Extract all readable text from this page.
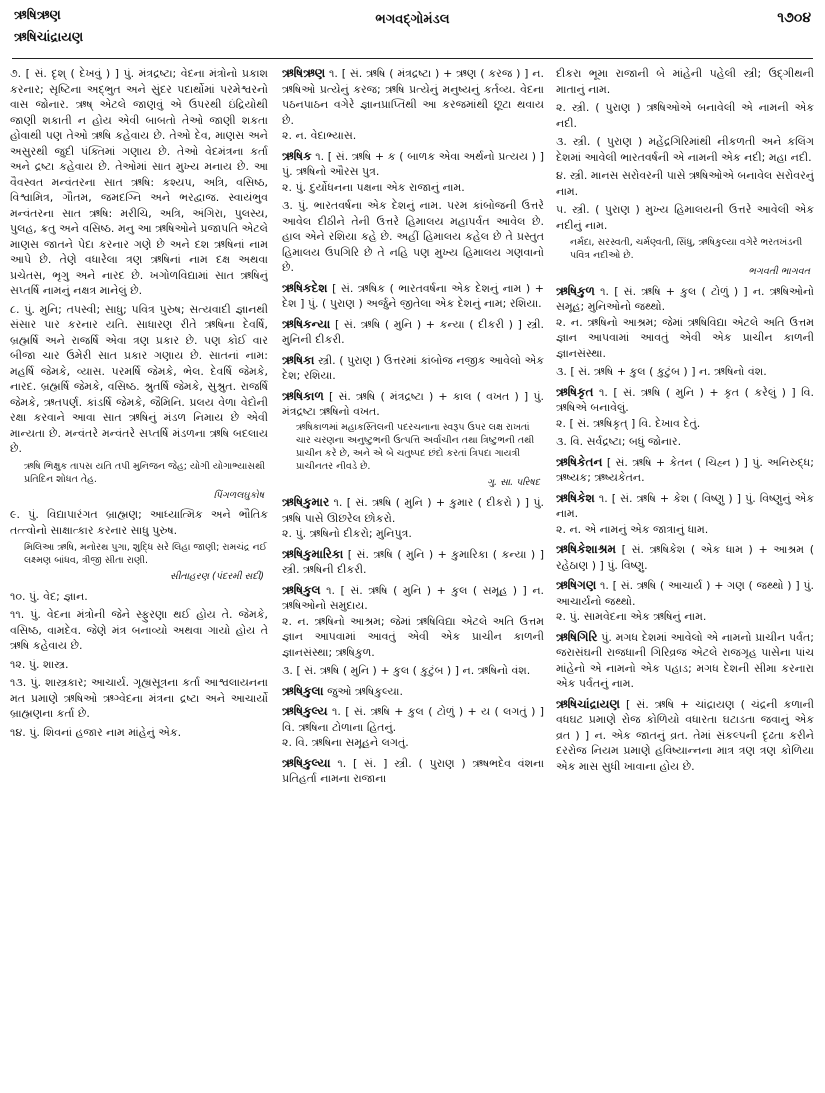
ઋષિઋણ
ઋષિચાંદ્રાયણ
ભગવદ્ગોમંડલ	૧૭૦૪

૭. [ સં. દૃશ્ ( દેખવું ) ] પું. મંત્રદ્રષ્ટા; વેદના મંત્રોનો પ્રકાશ કરનાર; સૃષ્ટિના અદ્ભુત અને સુંદર પદાર્થોમાં પરમેશ્વરનો વાસ જોનાર. ઋષ્ એટલે જાણવું એ ઉપરથી ઇંદ્રિયોથી જાણી શકાતી ન હોય એવી બાબતો તેઓ જાણી શકતા હોવાથી પણ તેઓ ઋષિ કહેવાય છે. તેઓ દેવ, માણસ અને અસુરથી જુદી પંક્તિમાં ગણાય છે. તેઓ વેદમંત્રના કર્તા અને દ્રષ્ટા કહેવાય છે. તેઓમાં સાત મુખ્ય મનાય છે. આ વૈવસ્વત મન્વંતરના સાત ઋષિ: કશ્યપ, અત્રિ, વસિષ્ઠ, વિશ્વામિત્ર, ગૌતમ, જમદગ્નિ અને ભરદ્વાજ. સ્વાયંભુવ મન્વંતરના સાત ઋષિ: મરીચિ, અત્રિ, અંગિરા, પુલસ્ય, પુલહ, ક્રતુ અને વસિષ્ઠ. મનુ આ ઋષિઓને પ્રજાપતિ એટલે માણસ જાતને પેદા કરનાર ગણે છે અને દશ ઋષિનાં નામ આપે છે. તેણે વધારેલા ત્રણ ઋષિનાં નામ દક્ષ અથવા પ્રચેતસ, ભૃગુ અને નારદ છે. ખગોળવિદ્યામાં સાત ઋષિનું સપ્તર્ષિ નામનું નક્ષત્ર માનેલું છે.

૮. પું. મુનિ; તપસ્વી; સાધુ; પવિત્ર પુરુષ; સત્યવાદી જ્ઞાનથી સંસાર પાર કરનાર યતિ. સાધારણ રીતે ઋષિના દેવર્ષિ, બ્રહ્મર્ષિ અને રાજર્ષિ એવા ત્રણ પ્રકાર છે. પણ કોઈ વાર બીજા ચાર ઉમેરી સાત પ્રકાર ગણાય છે. સાતનાં નામ: મહર્ષિ જેમકે, વ્યાસ. પરમર્ષિ જેમકે, ભેલ. દેવર્ષિ જેમકે, નારદ. બ્રહ્મર્ષિ જેમકે, વસિષ્ઠ. શ્રુતર્ષિ જેમકે, સુશ્રુત. રાજર્ષિ જેમકે, ઋતપર્ણ. કાંડર્ષિ જેમકે, જૈમિનિ. પ્રલય વેળા વેદોની રક્ષા કરવાને આવા સાત ઋષિનું મંડળ નિમાય છે એવી માન્યતા છે. મન્વંતરે મન્વંતરે સપ્તર્ષિ મંડળના ઋષિ બદલાય છે.

ઋષિ ભિક્ષુક તાપસ યતિ તપી મુનિજન જેહ; યોગી યોગાભ્યાસથી પ્રતિદિન શોધત તેહ.
પિંગળલઘુકોષ

૯. પું. વિદ્યાપારંગત બ્રાહ્મણ; આધ્યાત્મિક અને ભૌતિક તત્ત્વોનો સાક્ષાત્કાર કરનાર સાધુ પુરુષ.

મિલિઆ ઋષિ, મનોરથ પુગા, શુદ્ધિ સરે લિહા જાણી; રામચંદ્ર નઈ લક્ષ્મણ બાંધવ, ત્રીજી સીતા રાણી.
સીતાહરણ (પંદરમી સદી)

૧૦. પું. વેદ; જ્ઞાન.

૧૧. પું. વેદના મંત્રોની જેને સ્ફુરણા થઈ હોય તે. જેમકે, વસિષ્ઠ, વામદેવ. જેણે મંત્ર બનાવ્યો અથવા ગાયો હોય તે ઋષિ કહેવાય છે.

૧૨. પું. શાસ્ત્ર.

૧૩. પું. શાસ્ત્રકાર; આચાર્ય. ગૃહ્યસૂત્રના કર્તા આશ્વલાયનના મત પ્રમાણે ઋષિઓ ઋગ્વેદના મંત્રના દ્રષ્ટા અને આચાર્યો બ્રાહ્મણના કર્તા છે.

૧૪. પું. શિવનાં હજાર નામ માંહેનું એક.

ઋષિઋણ ૧. [ સં. ઋષિ ( મંત્રદ્રષ્ટા ) + ઋણ ( કરજ ) ] ન. ઋષિઓ પ્રત્યેનું કરજ; ઋષિ પ્રત્યેનું મનુષ્યનું કર્તવ્ય. વેદના પઠનપાઠન વગેરે જ્ઞાનપ્રાપ્તિથી આ કરજમાંથી છૂટા થવાય છે.

૨. ન. વેદાભ્યાસ.

ઋષિક ૧. [ સં. ઋષિ + ક ( બાળક એવા અર્થનો પ્રત્યય ) ] પું. ઋષિનો ઔરસ પુત્ર.

૨. પું. દુર્યોધનના પક્ષના એક રાજાનું નામ.

૩. પું. ભારતવર્ષના એક દેશનું નામ. પરમ કાંબોજની ઉત્તરે આવેલ દીઠીને તેની ઉત્તરે હિમાલય મહાપર્વત આવેલ છે. હાલ એને રશિયા કહે છે. અહીં હિમાલય કહેલ છે તે પ્રસ્તુત હિમાલય ઉપગિરિ છે તે નહિ પણ મુખ્ય હિમાલય ગણવાનો છે.

ઋષિકદેશ [ સં. ઋષિક ( ભારતવર્ષના એક દેશનું નામ ) + દેશ ] પું. ( પુરાણ ) અર્જુને જીતેલા એક દેશનું નામ; રશિયા.
ઋષિકન્યા [ સં. ઋષિ ( મુનિ ) + કન્યા ( દીકરી ) ] સ્ત્રી. મુનિની દીકરી.
ઋષિકા સ્ત્રી. ( પુરાણ ) ઉત્તરમાં કાંબોજ નજીક આવેલો એક દેશ; રશિયા.
ઋષિકાળ [ સં. ઋષિ ( મંત્રદ્રષ્ટા ) + કાલ ( વખત ) ] પું. મંત્રદ્રષ્ટા ઋષિનો વખત.
ઋષિકાળમાં મહાકસ્તિલની પદરચનાના સ્વરૂપ ઉપર લક્ષ રાખતાં ચાર ચરણના અનુષ્ટુભની ઉત્પત્તિ અર્વાચીન તથા ત્રિષ્ટુભની તથી પ્રાચીન કરે છે, અને એ બે ચતુષ્પદ છંદો કરતાં ત્રિપદા ગાયત્રી પ્રાચીનતર નીવડે છે.
ગુ. સા. પરિષદ
ઋષિકુમાર ૧. [ સં. ઋષિ ( મુનિ ) + કુમાર ( દીકરો ) ] પું. ઋષિ પાસે ઊછરેલ છોકરો.

૨. પું. ઋષિનો દીકરો; મુનિપુત્ર.

ઋષિકુમારિકા [ સં. ઋષિ ( મુનિ ) + કુમારિકા ( કન્યા ) ] સ્ત્રી. ઋષિની દીકરી.
ઋષિકુલ ૧. [ સં. ઋષિ ( મુનિ ) + કુલ ( સમૂહ ) ] ન. ઋષિઓનો સમુદાય.

૨. ન. ઋષિનો આશ્રમ; જેમાં ઋષિવિદ્યા એટલે અતિ ઉત્તમ જ્ઞાન આપવામાં આવતું એવી એક પ્રાચીન કાળની જ્ઞાનસંસ્થા; ઋષિકુળ.

૩. [ સં. ઋષિ ( મુનિ ) + કુલ ( કુટુંબ ) ] ન. ઋષિનો વંશ.

ઋષિકુલા જુઓ ઋષિકુલ્યા.
ઋષિકુલ્ય ૧. [ સં. ઋષિ + કુલ ( ટોળું ) + ય ( લગતું ) ] વિ. ઋષિના ટોળાના હિતનું.

૨. વિ. ઋષિના સમૂહને લગતું.

ઋષિકુલ્યા ૧. [ સં. ] સ્ત્રી. ( પુરાણ ) ઋષભદેવ વંશના પ્રતિહર્તા નામના રાજાના

દીકરા ભૂમા રાજાની બે માંહેની પહેલી સ્ત્રી; ઉદ્ગીથની માતાનું નામ.

૨. સ્ત્રી. ( પુરાણ ) ઋષિઓએ બનાવેલી એ નામની એક નદી.

૩. સ્ત્રી. ( પુરાણ ) મહેંદ્રગિરિમાંથી નીકળતી અને કલિંગ દેશમાં આવેલી ભારતવર્ષની એ નામની એક નદી; મહા નદી.

૪. સ્ત્રી. માનસ સરોવરની પાસે ઋષિઓએ બનાવેલ સરોવરનું નામ.

૫. સ્ત્રી. ( પુરાણ ) મુખ્ય હિમાલયની ઉત્તરે આવેલી એક નદીનું નામ.

નર્મદા, સરસ્વતી, ચર્મણ્વતી, સિંધુ, ઋષિકુલ્યા વગેરે ભરતખંડની પવિત્ર નદીઓ છે.
ભગવતી ભાગવત
ઋષિકુળ ૧. [ સં. ઋષિ + કુલ ( ટોળું ) ] ન. ઋષિઓનો સમૂહ; મુનિઓનો જથ્થો.

૨. ન. ઋષિનો આશ્રમ; જેમાં ઋષિવિદ્યા એટલે અતિ ઉત્તમ જ્ઞાન આપવામાં આવતું એવી એક પ્રાચીન કાળની જ્ઞાનસંસ્થા.

૩. [ સં. ઋષિ + કુલ ( કુટુંબ ) ] ન. ઋષિનો વંશ.

ઋષિકૃત ૧. [ સં. ઋષિ ( મુનિ ) + કૃત ( કરેલું ) ] વિ. ઋષિએ બનાવેલું.

૨. [ સં. ઋષિકૃત્ ] વિ. દેખાવ દેતું.

૩. વિ. સર્વદ્રષ્ટા; બધું જોનાર.

ઋષિકેતન [ સં. ઋષિ + કેતન ( ચિહ્ન ) ] પું. અનિરુદ્ધ; ઋષ્યક; ઋષ્યકેતન.
ઋષિકેશ ૧. [ સં. ઋષિ + કેશ ( વિષ્ણુ ) ] પું. વિષ્ણુનું એક નામ.

૨. ન. એ નામનું એક જાત્રાનું ધામ.

ઋષિકેશાશ્રમ [ સં. ઋષિકેશ ( એક ધામ ) + આશ્રમ ( રહેઠાણ ) ] પું. વિષ્ણુ.
ઋષિગણ ૧. [ સં. ઋષિ ( આચાર્ય ) + ગણ ( જથ્થો ) ] પું. આચાર્યનો જથ્થો.

૨. પું. સામવેદના એક ઋષિનું નામ.

ઋષિગિરિ પું. મગધ દેશમાં આવેલો એ નામનો પ્રાચીન પર્વત; જરાસંઘની રાજધાની ગિરિવ્રજ એટલે રાજગૃહ પાસેના પાંચ માંહેનો એ નામનો એક પહાડ; મગધ દેશની સીમા કરનારા એક પર્વતનું નામ.
ઋષિચાંદ્રાયણ [ સં. ઋષિ + ચાંદ્રાયણ ( ચંદ્રની કળાની વધઘટ પ્રમાણે રોજ કોળિયો વધારતા ઘટાડતા જવાનું એક વ્રત ) ] ન. એક જાતનું વ્રત. તેમાં સંકલ્પની દૃઢતા કરીને દરરોજ નિયમ પ્રમાણે હવિષ્યાન્નના માત્ર ત્રણ ત્રણ કોળિયા એક માસ સુધી ખાવાના હોય છે.
